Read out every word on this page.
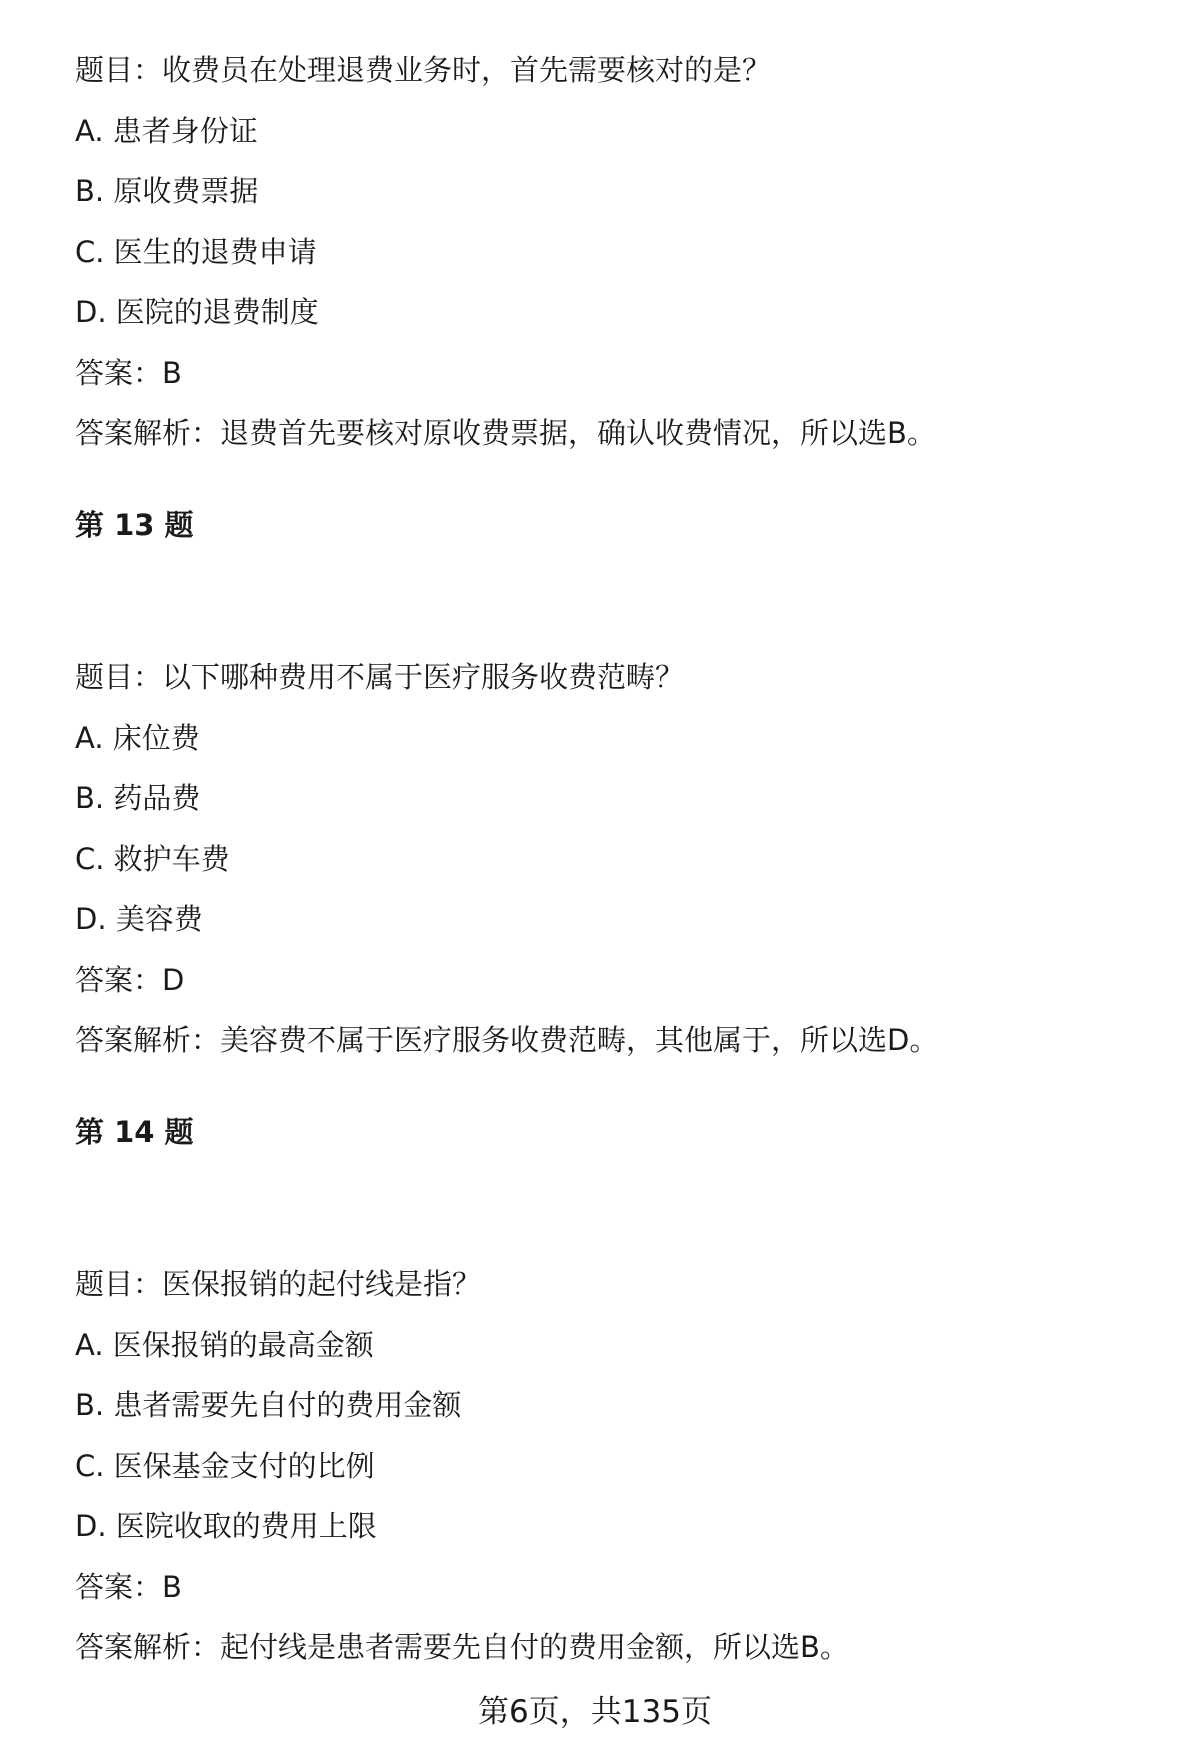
题目：收费员在处理退费业务时，首先需要核对的是？
A. 患者身份证
B. 原收费票据
C. 医生的退费申请
D. 医院的退费制度
答案：B
答案解析：退费首先要核对原收费票据，确认收费情况，所以选B。
第 13 题
题目：以下哪种费用不属于医疗服务收费范畴？
A. 床位费
B. 药品费
C. 救护车费
D. 美容费
答案：D
答案解析：美容费不属于医疗服务收费范畴，其他属于，所以选D。
第 14 题
题目：医保报销的起付线是指？
A. 医保报销的最高金额
B. 患者需要先自付的费用金额
C. 医保基金支付的比例
D. 医院收取的费用上限
答案：B
答案解析：起付线是患者需要先自付的费用金额，所以选B。
第6页，共135页
